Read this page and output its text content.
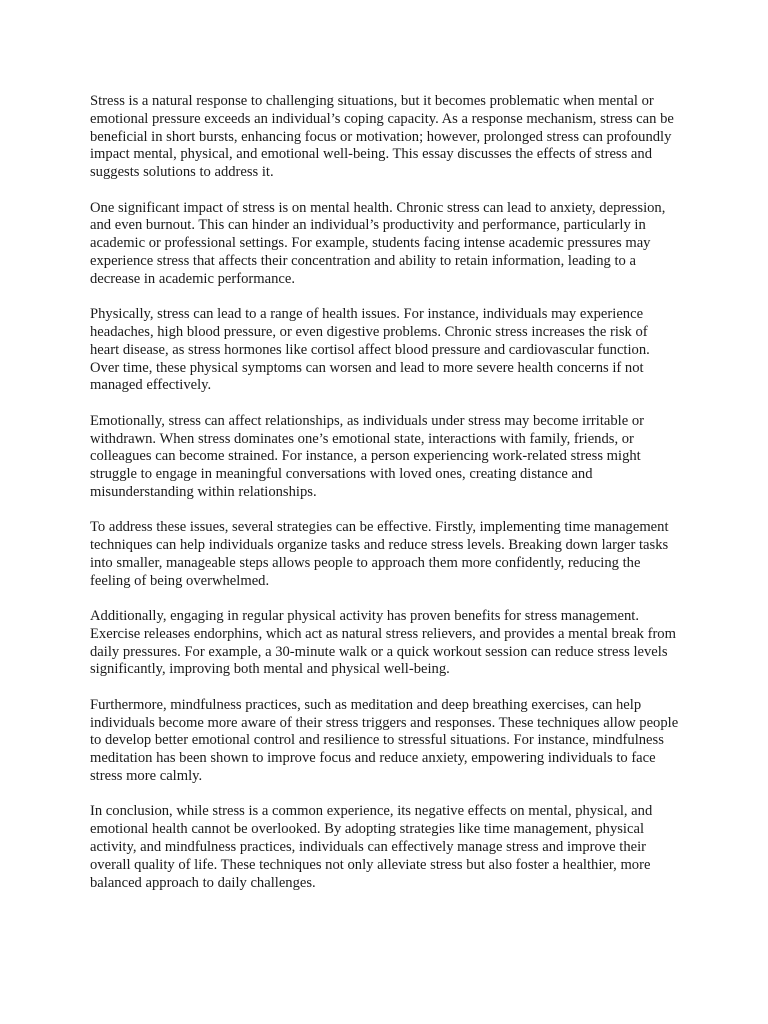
Stress is a natural response to challenging situations, but it becomes problematic when mental or emotional pressure exceeds an individual’s coping capacity. As a response mechanism, stress can be beneficial in short bursts, enhancing focus or motivation; however, prolonged stress can profoundly impact mental, physical, and emotional well-being. This essay discusses the effects of stress and suggests solutions to address it.

One significant impact of stress is on mental health. Chronic stress can lead to anxiety, depression, and even burnout. This can hinder an individual’s productivity and performance, particularly in academic or professional settings. For example, students facing intense academic pressures may experience stress that affects their concentration and ability to retain information, leading to a decrease in academic performance.

Physically, stress can lead to a range of health issues. For instance, individuals may experience headaches, high blood pressure, or even digestive problems. Chronic stress increases the risk of heart disease, as stress hormones like cortisol affect blood pressure and cardiovascular function. Over time, these physical symptoms can worsen and lead to more severe health concerns if not managed effectively.

Emotionally, stress can affect relationships, as individuals under stress may become irritable or withdrawn. When stress dominates one’s emotional state, interactions with family, friends, or colleagues can become strained. For instance, a person experiencing work-related stress might struggle to engage in meaningful conversations with loved ones, creating distance and misunderstanding within relationships.

To address these issues, several strategies can be effective. Firstly, implementing time management techniques can help individuals organize tasks and reduce stress levels. Breaking down larger tasks into smaller, manageable steps allows people to approach them more confidently, reducing the feeling of being overwhelmed.

Additionally, engaging in regular physical activity has proven benefits for stress management. Exercise releases endorphins, which act as natural stress relievers, and provides a mental break from daily pressures. For example, a 30-minute walk or a quick workout session can reduce stress levels significantly, improving both mental and physical well-being.

Furthermore, mindfulness practices, such as meditation and deep breathing exercises, can help individuals become more aware of their stress triggers and responses. These techniques allow people to develop better emotional control and resilience to stressful situations. For instance, mindfulness meditation has been shown to improve focus and reduce anxiety, empowering individuals to face stress more calmly.

In conclusion, while stress is a common experience, its negative effects on mental, physical, and emotional health cannot be overlooked. By adopting strategies like time management, physical activity, and mindfulness practices, individuals can effectively manage stress and improve their overall quality of life. These techniques not only alleviate stress but also foster a healthier, more balanced approach to daily challenges.
